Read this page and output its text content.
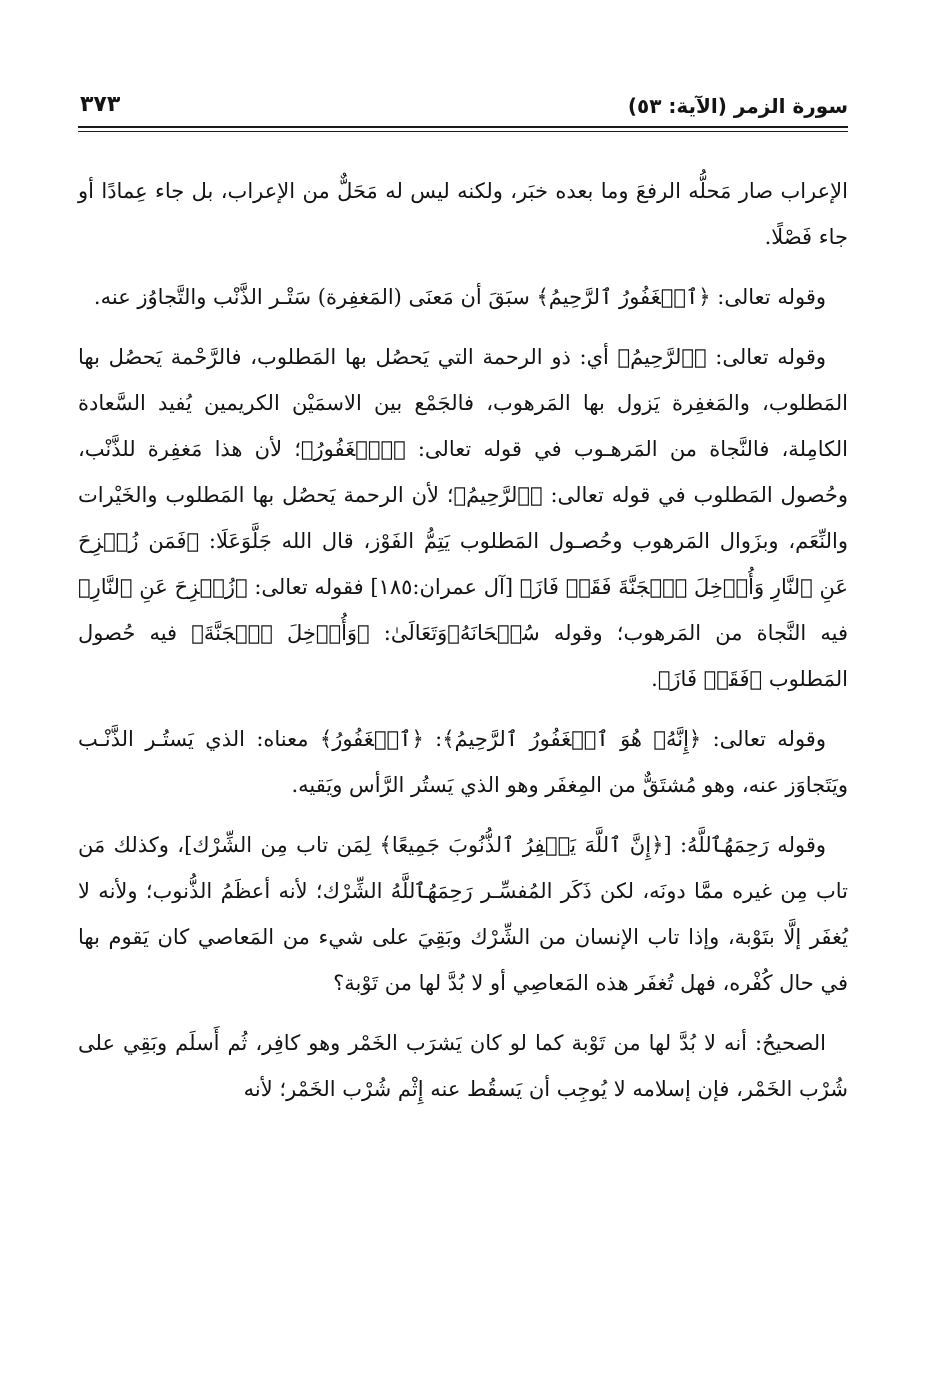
سورة الزمر (الآية: ٥٣)
٣٧٣

الإعراب صار مَحلُّه الرفعَ وما بعده خبَر، ولكنه ليس له مَحَلٌّ من الإعراب، بل جاء عِمادًا أو جاء فَصْلًا.

وقوله تعالى: ﴿ٱلۡغَفُورُ ٱلرَّحِيمُ﴾ سبَقَ أن مَعنَى (المَغفِرة) سَتْـر الذَّنْب والتَّجاوُز عنه.

وقوله تعالى: ﴿ٱلرَّحِيمُ﴾ أي: ذو الرحمة التي يَحصُل بها المَطلوب، فالرَّحْمة يَحصُل بها المَطلوب، والمَغفِرة يَزول بها المَرهوب، فالجَمْع بين الاسمَيْن الكريمين يُفيد السَّعادة الكامِلة، فالنَّجاة من المَرهـوب في قوله تعالى: ﴿ٱلۡغَفُورُ﴾؛ لأن هذا مَغفِرة للذَّنْب، وحُصول المَطلوب في قوله تعالى: ﴿ٱلرَّحِيمُ﴾؛ لأن الرحمة يَحصُل بها المَطلوب والخَيْرات والنِّعَم، وبزَوال المَرهوب وحُصـول المَطلوب يَتِمُّ الفَوْز، قال الله جَلَّوَعَلَا: ﴿فَمَن زُحۡزِحَ عَنِ ٱلنَّارِ وَأُدۡخِلَ ٱلۡجَنَّةَ فَقَدۡ فَازَ﴾ [آل عمران:١٨٥] فقوله تعالى: ﴿زُحۡزِحَ عَنِ ٱلنَّارِ﴾ فيه النَّجاة من المَرهوب؛ وقوله سُبۡحَانَهُۥوَتَعَالَىٰ: ﴿وَأُدۡخِلَ ٱلۡجَنَّةَ﴾ فيه حُصول المَطلوب ﴿فَقَدۡ فَازَ﴾.

وقوله تعالى: ﴿إِنَّهُۥ هُوَ ٱلۡغَفُورُ ٱلرَّحِيمُ﴾: ﴿ٱلۡغَفُورُ﴾ معناه: الذي يَستُـر الذَّنْـب ويَتَجاوَز عنه، وهو مُشتَقٌّ من المِغفَر وهو الذي يَستُر الرَّأس ويَقيه.

وقوله رَحِمَهُٱللَّهُ: [﴿إِنَّ ٱللَّهَ يَغۡفِرُ ٱلذُّنُوبَ جَمِيعًا﴾ لِمَن تاب مِن الشِّرْك]، وكذلك مَن تاب مِن غيره ممَّا دونَه، لكن ذَكَر المُفسِّـر رَحِمَهُٱللَّهُ الشِّرْك؛ لأنه أعظَمُ الذُّنوب؛ ولأنه لا يُغفَر إلَّا بتَوْبة، وإذا تاب الإنسان من الشِّرْك وبَقِيَ على شيء من المَعاصي كان يَقوم بها في حال كُفْره، فهل تُغفَر هذه المَعاصِي أو لا بُدَّ لها من تَوْبة؟

الصحيحُ: أنه لا بُدَّ لها من تَوْبة كما لو كان يَشرَب الخَمْر وهو كافِر، ثُم أَسلَم وبَقِي على شُرْب الخَمْر، فإن إسلامه لا يُوجِب أن يَسقُط عنه إِثْم شُرْب الخَمْر؛ لأنه
